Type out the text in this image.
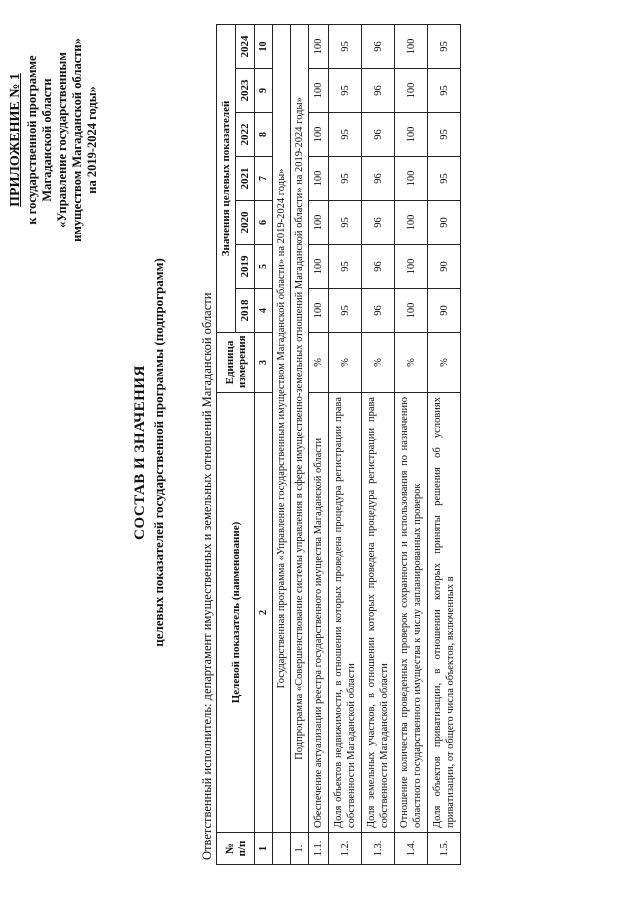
ПРИЛОЖЕНИЕ № 1 к государственной программе Магаданской области «Управление государственным имуществом Магаданской области» на 2019-2024 годы»
СОСТАВ И ЗНАЧЕНИЯ целевых показателей государственной программы (подпрограмм)	Ответственный исполнитель: департамент имущественных и земельных отношений Магаданской области № п/п	Целевой показатель (наименование)	Единица измерения	Значения целевых показателей						
			2018	2019	2020	2021	2022	2023	2024
1	2	3	4	5	6	7	8	9	10
	Государственная программа «Управление государственным имуществом Магаданской области» на 2019-2024 годы»								
1.	Подпрограмма «Совершенствование системы управления в сфере имущественно-земельных отношений Магаданской области» на 2019-2024 годы»								
1.1.	Обеспечение актуализации реестра государственного имущества Магаданской области	%	100	100	100	100	100	100	100
1.2.	Доля объектов недвижимости, в отношении которых проведена процедура регистрации права собственности Магаданской области	%	95	95	95	95	95	95	95
1.3.	Доля земельных участков, в отношении которых проведена процедура регистрации права собственности Магаданской области	%	96	96	96	96	96	96	96
1.4.	Отношение количества проведенных проверок сохранности и использования по назначению областного государственного имущества к числу запланированных проверок	%	100	100	100	100	100	100	100
1.5.	Доля объектов приватизации, в отношении которых приняты решения об условиях приватизации, от общего числа объектов, включенных в	%	90	90	90	95	95	95	95
